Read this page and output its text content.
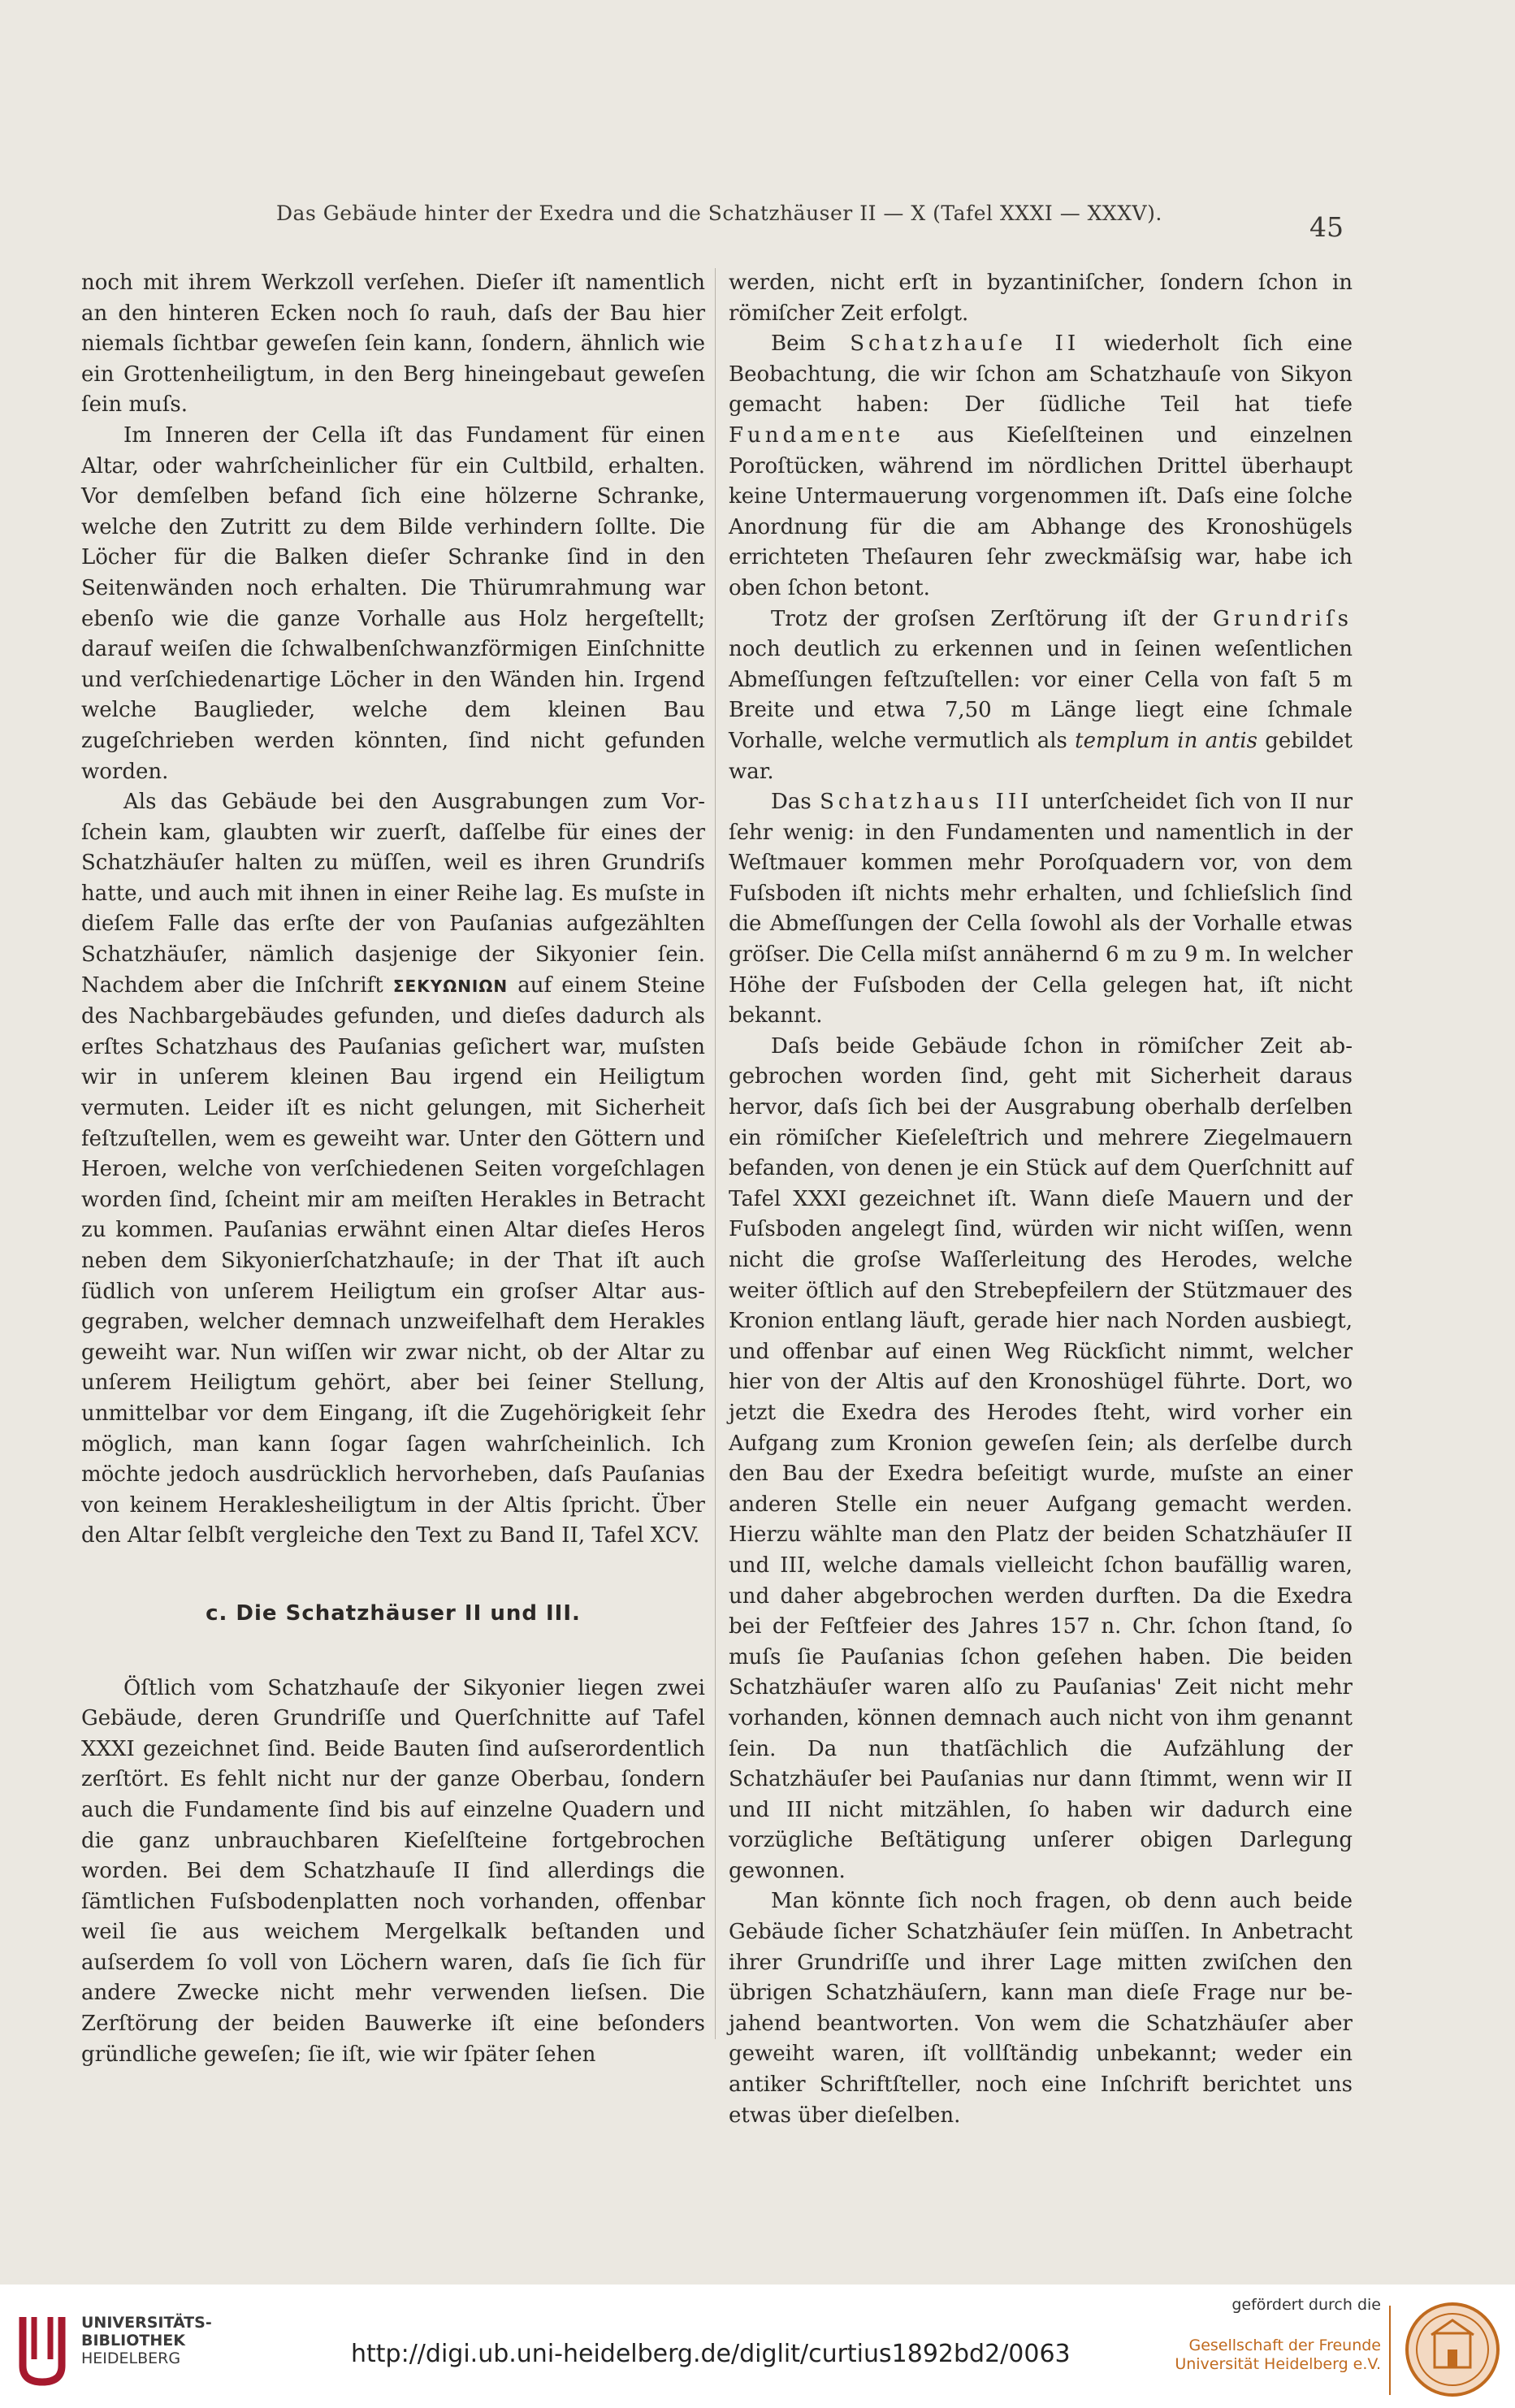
Das Gebäude hinter der Exedra und die Schatzhäuser II — X (Tafel XXXI — XXXV).	45

noch mit ihrem Werkzoll verſehen. Dieſer iſt namentlich an den hinteren Ecken noch ſo rauh, daſs der Bau hier niemals ſichtbar geweſen ſein kann, ſondern, ähnlich wie ein Grottenheiligtum, in den Berg hineingebaut geweſen ſein muſs.

Im Inneren der Cella iſt das Fundament für einen Altar, oder wahrſcheinlicher für ein Cultbild, erhalten. Vor demſelben befand ſich eine hölzerne Schranke, welche den Zutritt zu dem Bilde verhindern ſollte. Die Löcher für die Balken dieſer Schranke ſind in den Seitenwänden noch erhalten. Die Thürumrahmung war ebenſo wie die ganze Vorhalle aus Holz hergeſtellt; darauf weiſen die ſchwalbenſchwanzförmigen Einſchnitte und verſchiedenartige Löcher in den Wänden hin. Irgend welche Bauglieder, welche dem kleinen Bau zugeſchrieben werden könnten, ſind nicht gefunden worden.

Als das Gebäude bei den Ausgrabungen zum Vorſchein kam, glaubten wir zuerſt, daſſelbe für eines der Schatzhäuſer halten zu müſſen, weil es ihren Grundriſs hatte, und auch mit ihnen in einer Reihe lag. Es muſste in dieſem Falle das erſte der von Pauſanias aufgezählten Schatzhäuſer, nämlich dasjenige der Sikyonier ſein. Nachdem aber die Inſchrift ΣΕΚΥΩΝΙΩΝ auf einem Steine des Nachbargebäudes gefunden, und dieſes dadurch als erſtes Schatzhaus des Pauſanias geſichert war, muſsten wir in unſerem kleinen Bau irgend ein Heiligtum vermuten. Leider iſt es nicht gelungen, mit Sicherheit feſtzuſtellen, wem es geweiht war. Unter den Göttern und Heroen, welche von verſchiedenen Seiten vorgeſchlagen worden ſind, ſcheint mir am meiſten Herakles in Betracht zu kommen. Pauſanias erwähnt einen Altar dieſes Heros neben dem Sikyonierſchatzhauſe; in der That iſt auch ſüdlich von unſerem Heiligtum ein groſser Altar ausgegraben, welcher demnach unzweifelhaft dem Herakles geweiht war. Nun wiſſen wir zwar nicht, ob der Altar zu unſerem Heiligtum gehört, aber bei ſeiner Stellung, unmittelbar vor dem Eingang, iſt die Zugehörigkeit ſehr möglich, man kann ſogar ſagen wahrſcheinlich. Ich möchte jedoch ausdrücklich hervorheben, daſs Pauſanias von keinem Heraklesheiligtum in der Altis ſpricht. Über den Altar ſelbſt vergleiche den Text zu Band II, Tafel XCV.

c. Die Schatzhäuser II und III.

Öſtlich vom Schatzhauſe der Sikyonier liegen zwei Gebäude, deren Grundriſſe und Querſchnitte auf Tafel XXXI gezeichnet ſind. Beide Bauten ſind auſserordentlich zerſtört. Es fehlt nicht nur der ganze Oberbau, ſondern auch die Fundamente ſind bis auf einzelne Quadern und die ganz unbrauchbaren Kieſelſteine fortgebrochen worden. Bei dem Schatzhauſe II ſind allerdings die ſämtlichen Fuſsbodenplatten noch vorhanden, offenbar weil ſie aus weichem Mergelkalk beſtanden und auſserdem ſo voll von Löchern waren, daſs ſie ſich für andere Zwecke nicht mehr verwenden lieſsen. Die Zerſtörung der beiden Bauwerke iſt eine beſonders gründliche geweſen; ſie iſt, wie wir ſpäter ſehen

werden, nicht erſt in byzantiniſcher, ſondern ſchon in römiſcher Zeit erfolgt.

Beim Schatzhauſe II wiederholt ſich eine Beobachtung, die wir ſchon am Schatzhauſe von Sikyon gemacht haben: Der ſüdliche Teil hat tiefe Fundamente aus Kieſelſteinen und einzelnen Poroſtücken, während im nördlichen Drittel überhaupt keine Untermauerung vorgenommen iſt. Daſs eine ſolche Anordnung für die am Abhange des Kronoshügels errichteten Theſauren ſehr zweckmäſsig war, habe ich oben ſchon betont.

Trotz der groſsen Zerſtörung iſt der Grundriſs noch deutlich zu erkennen und in ſeinen weſentlichen Abmeſſungen feſtzuſtellen: vor einer Cella von faſt 5 m Breite und etwa 7,50 m Länge liegt eine ſchmale Vorhalle, welche vermutlich als templum in antis gebildet war.

Das Schatzhaus III unterſcheidet ſich von II nur ſehr wenig: in den Fundamenten und namentlich in der Weſtmauer kommen mehr Poroſquadern vor, von dem Fuſsboden iſt nichts mehr erhalten, und ſchlieſslich ſind die Abmeſſungen der Cella ſowohl als der Vorhalle etwas gröſser. Die Cella miſst annähernd 6 m zu 9 m. In welcher Höhe der Fuſsboden der Cella gelegen hat, iſt nicht bekannt.

Daſs beide Gebäude ſchon in römiſcher Zeit abgebrochen worden ſind, geht mit Sicherheit daraus hervor, daſs ſich bei der Ausgrabung oberhalb derſelben ein römiſcher Kieſeleſtrich und mehrere Ziegelmauern befanden, von denen je ein Stück auf dem Querſchnitt auf Tafel XXXI gezeichnet iſt. Wann dieſe Mauern und der Fuſsboden angelegt ſind, würden wir nicht wiſſen, wenn nicht die groſse Waſſerleitung des Herodes, welche weiter öſtlich auf den Strebepfeilern der Stützmauer des Kronion entlang läuft, gerade hier nach Norden ausbiegt, und offenbar auf einen Weg Rückſicht nimmt, welcher hier von der Altis auf den Kronoshügel führte. Dort, wo jetzt die Exedra des Herodes ſteht, wird vorher ein Aufgang zum Kronion geweſen ſein; als derſelbe durch den Bau der Exedra beſeitigt wurde, muſste an einer anderen Stelle ein neuer Aufgang gemacht werden. Hierzu wählte man den Platz der beiden Schatzhäuſer II und III, welche damals vielleicht ſchon baufällig waren, und daher abgebrochen werden durften. Da die Exedra bei der Feſtfeier des Jahres 157 n. Chr. ſchon ſtand, ſo muſs ſie Pauſanias ſchon geſehen haben. Die beiden Schatzhäuſer waren alſo zu Pauſanias' Zeit nicht mehr vorhanden, können demnach auch nicht von ihm genannt ſein. Da nun thatſächlich die Aufzählung der Schatzhäuſer bei Pauſanias nur dann ſtimmt, wenn wir II und III nicht mitzählen, ſo haben wir dadurch eine vorzügliche Beſtätigung unſerer obigen Darlegung gewonnen.

Man könnte ſich noch fragen, ob denn auch beide Gebäude ſicher Schatzhäuſer ſein müſſen. In Anbetracht ihrer Grundriſſe und ihrer Lage mitten zwiſchen den übrigen Schatzhäuſern, kann man dieſe Frage nur bejahend beantworten. Von wem die Schatzhäuſer aber geweiht waren, iſt vollſtändig unbekannt; weder ein antiker Schriftſteller, noch eine Inſchrift berichtet uns etwas über dieſelben.

UNIVERSITÄTS-
BIBLIOTHEK
HEIDELBERG	http://digi.ub.uni-heidelberg.de/diglit/curtius1892bd2/0063
gefördert durch die
Gesellschaft der Freunde
Universität Heidelberg e.V.
